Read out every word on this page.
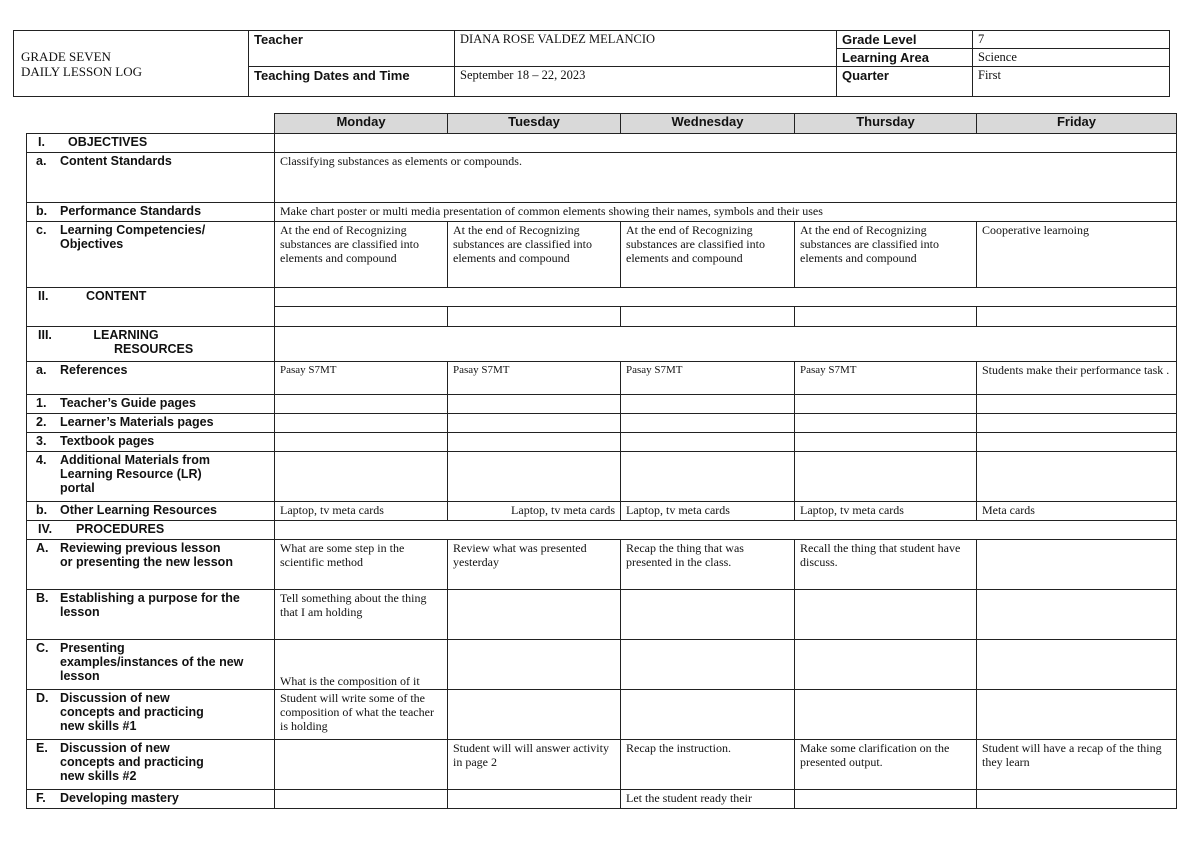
GRADE SEVEN
DAILY LESSON LOG	Teacher	DIANA ROSE VALDEZ MELANCIO	Grade Level	7
			Learning Area	Science
	Teaching Dates and Time	September 18 – 22, 2023	Quarter	First
	Monday	Tuesday	Wednesday	Thursday	Friday
I. OBJECTIVES					
a. Content Standards	Classifying substances as elements or compounds.				
b. Performance Standards	Make chart poster or multi media presentation of common elements showing their names, symbols and their uses				
c. Learning Competencies/ Objectives	At the end of Recognizing substances are classified into elements and compound	At the end of Recognizing substances are classified into elements and compound	At the end of Recognizing substances are classified into elements and compound	At the end of Recognizing substances are classified into elements and compound	Cooperative learnoing
II. CONTENT					

III. LEARNING
RESOURCES					

a. References	Pasay S7MT	Pasay S7MT	Pasay S7MT	Pasay S7MT	Students make their performance task .
1. Teacher’s Guide pages					
2. Learner’s Materials pages					
3. Textbook pages					
4. Additional Materials from Learning Resource (LR) portal					
b. Other Learning Resources	Laptop, tv meta cards	Laptop, tv meta cards	Laptop, tv meta cards	Laptop, tv meta cards	Meta cards
IV. PROCEDURES					
A. Reviewing previous lesson or presenting the new lesson	What are some step in the scientific method	Review what was presented yesterday	Recap the thing that was presented in the class.	Recall the thing that student have discuss.	
B. Establishing a purpose for the lesson	Tell something about the thing that I am holding				
C. Presenting examples/instances of the new lesson	What is the composition of it				
D. Discussion of new concepts and practicing new skills #1	Student will write some of the composition of what the teacher is holding				
E. Discussion of new concepts and practicing new skills #2		Student will will answer activity in page 2	Recap the instruction.	Make some clarification on the presented output.	Student will have a recap of the thing they learn
F. Developing mastery			Let the student ready their		
